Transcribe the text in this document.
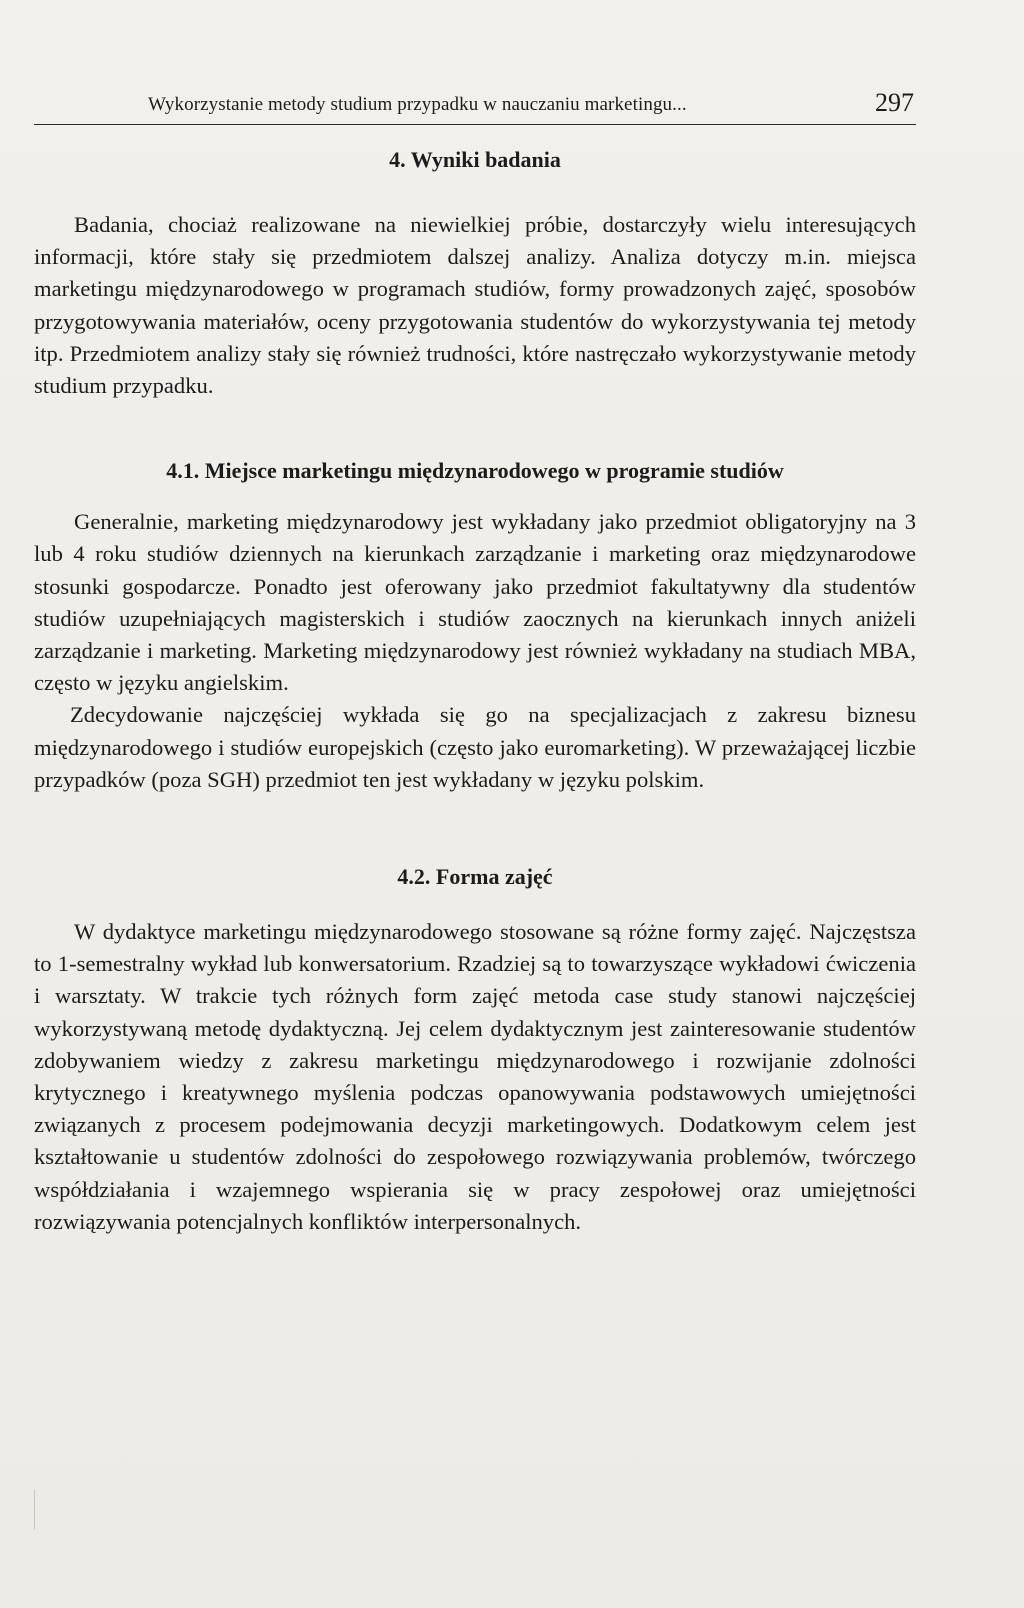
Wykorzystanie metody studium przypadku w nauczaniu marketingu...	297
4. Wyniki badania

Badania, chociaż realizowane na niewielkiej próbie, dostarczyły wielu interesujących informacji, które stały się przedmiotem dalszej analizy. Analiza dotyczy m.in. miejsca marketingu międzynarodowego w programach studiów, formy prowadzonych zajęć, sposobów przygotowywania materiałów, oceny przygotowania studentów do wykorzystywania tej metody itp. Przedmiotem analizy stały się również trudności, które nastręczało wykorzystywanie metody studium przypadku.

4.1. Miejsce marketingu międzynarodowego w programie studiów

Generalnie, marketing międzynarodowy jest wykładany jako przedmiot obligatoryjny na 3 lub 4 roku studiów dziennych na kierunkach zarządzanie i marketing oraz międzynarodowe stosunki gospodarcze. Ponadto jest oferowany jako przedmiot fakultatywny dla studentów studiów uzupełniających magisterskich i studiów zaocznych na kierunkach innych aniżeli zarządzanie i marketing. Marketing międzynarodowy jest również wykładany na studiach MBA, często w języku angielskim.

Zdecydowanie najczęściej wykłada się go na specjalizacjach z zakresu biznesu międzynarodowego i studiów europejskich (często jako euromarketing). W przeważającej liczbie przypadków (poza SGH) przedmiot ten jest wykładany w języku polskim.

4.2. Forma zajęć

W dydaktyce marketingu międzynarodowego stosowane są różne formy zajęć. Najczęstsza to 1-semestralny wykład lub konwersatorium. Rzadziej są to towarzyszące wykładowi ćwiczenia i warsztaty. W trakcie tych różnych form zajęć metoda case study stanowi najczęściej wykorzystywaną metodę dydaktyczną. Jej celem dydaktycznym jest zainteresowanie studentów zdobywaniem wiedzy z zakresu marketingu międzynarodowego i rozwijanie zdolności krytycznego i kreatywnego myślenia podczas opanowywania podstawowych umiejętności związanych z procesem podejmowania decyzji marketingowych. Dodatkowym celem jest kształtowanie u studentów zdolności do zespołowego rozwiązywania problemów, twórczego współdziałania i wzajemnego wspierania się w pracy zespołowej oraz umiejętności rozwiązywania potencjalnych konfliktów interpersonalnych.
